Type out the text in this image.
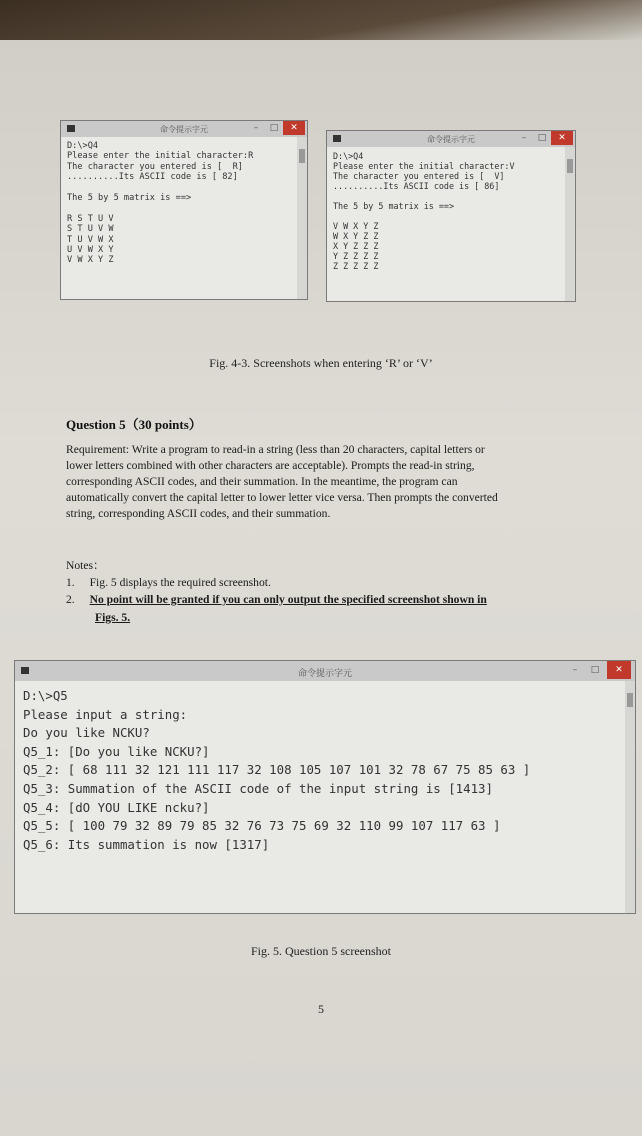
命令提示字元	–	□	✕
D:\>Q4
Please enter the initial character:R
The character you entered is [  R]
..........Its ASCII code is [ 82]

The 5 by 5 matrix is ==>

R S T U V
S T U V W
T U V W X
U V W X Y
V W X Y Z
命令提示字元	–	□	✕
D:\>Q4
Please enter the initial character:V
The character you entered is [  V]
..........Its ASCII code is [ 86]

The 5 by 5 matrix is ==>

V W X Y Z
W X Y Z Z
X Y Z Z Z
Y Z Z Z Z
Z Z Z Z Z
Fig. 4-3. Screenshots when entering ‘R’ or ‘V’
Question 5（30 points）
Requirement: Write a program to read-in a string (less than 20 characters, capital letters or
lower letters combined with other characters are acceptable). Prompts the read-in string,
corresponding ASCII codes, and their summation. In the meantime, the program can
automatically convert the capital letter to lower letter vice versa. Then prompts the converted
string, corresponding ASCII codes, and their summation.
Notes：
1. Fig. 5 displays the required screenshot.
2. No point will be granted if you can only output the specified screenshot shown in
Figs. 5.
命令提示字元	–	□	✕
D:\>Q5
Please input a string:
Do you like NCKU?
Q5_1: [Do you like NCKU?]
Q5_2: [ 68 111 32 121 111 117 32 108 105 107 101 32 78 67 75 85 63 ]
Q5_3: Summation of the ASCII code of the input string is [1413]
Q5_4: [dO YOU LIKE ncku?]
Q5_5: [ 100 79 32 89 79 85 32 76 73 75 69 32 110 99 107 117 63 ]
Q5_6: Its summation is now [1317]
Fig. 5. Question 5 screenshot
5
